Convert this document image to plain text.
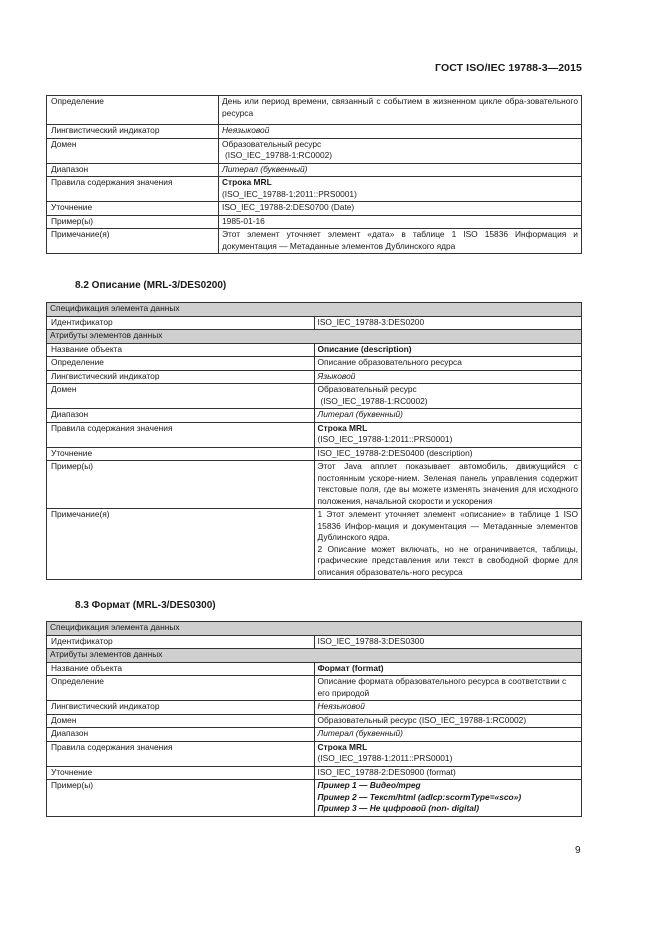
ГОСТ ISO/IEC 19788-3—2015
Определение	День или период времени, связанный с событием в жизненном цикле обра-зовательного ресурса
Лингвистический индикатор	Неязыковой
Домен	Образовательный ресурс
(ISO_IEC_19788-1:RC0002)

Диапазон	Литерал (буквенный)
Правила содержания значения	Строка MRL
(ISO_IEC_19788-1:2011::PRS0001)

Уточнение	ISO_IEC_19788-2:DES0700 (Date)
Пример(ы)	1985-01-16
Примечание(я)	Этот элемент уточняет элемент «дата» в таблице 1 ISO 15836 Информация и документация — Метаданные элементов Дублинского ядра
8.2 Описание (MRL-3/DES0200)
Спецификация элемента данных	
Идентификатор	ISO_IEC_19788-3:DES0200
Атрибуты элементов данных	
Название объекта	Описание (description)
Определение	Описание образовательного ресурса
Лингвистический индикатор	Языковой
Домен	Образовательный ресурс
(ISO_IEC_19788-1:RC0002)

Диапазон	Литерал (буквенный)
Правила содержания значения	Строка MRL
(ISO_IEC_19788-1:2011::PRS0001)

Уточнение	ISO_IEC_19788-2:DES0400 (description)
Пример(ы)	Этот Java апплет показывает автомобиль, движущийся с постоянным ускоре-нием. Зеленая панель управления содержит текстовые поля, где вы можете изменять значения для исходного положения, начальной скорости и ускорения
Примечание(я)	1 Этот элемент уточняет элемент «описание» в таблице 1 ISO 15836 Инфор-мация и документация — Метаданные элементов Дублинского ядра.
2 Описание может включать, но не ограничивается, таблицы, графические представления или текст в свободной форме для описания образователь-ного ресурса
8.3 Формат (MRL-3/DES0300)
Спецификация элемента данных	
Идентификатор	ISO_IEC_19788-3:DES0300
Атрибуты элементов данных	
Название объекта	Формат (format)
Определение	Описание формата образовательного ресурса в соответствии с его природой
Лингвистический индикатор	Неязыковой
Домен	Образовательный ресурс (ISO_IEC_19788-1:RC0002)
Диапазон	Литерал (буквенный)
Правила содержания значения	Строка MRL
(ISO_IEC_19788-1:2011::PRS0001)

Уточнение	ISO_IEC_19788-2:DES0900 (format)
Пример(ы)	Пример 1 — Видео/mpeg
Пример 2 — Текст/html (adlcp:scormType=«sco»)
Пример 3 — Не цифровой (non- digital)
9
